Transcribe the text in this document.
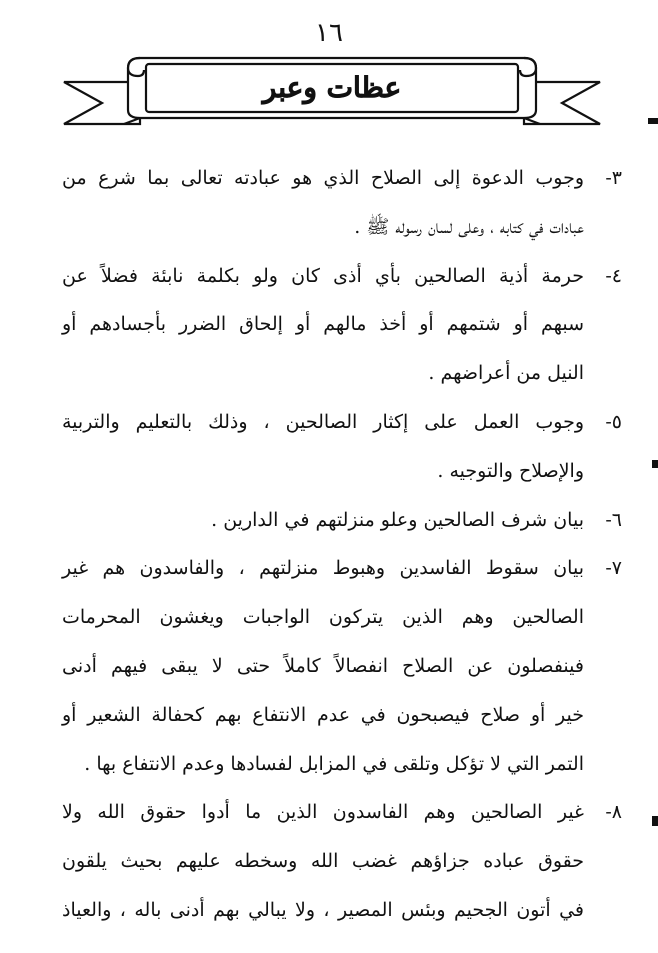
١٦
عظات وعبر
٣-وجوب الدعوة إلى الصلاح الذي هو عبادته تعالى بما شرع من
عبادات في كتابه ، وعلى لسان رسوله ﷺ .
٤-حرمة أذية الصالحين بأي أذى كان ولو بكلمة نابئة فضلاً عن
سبهم أو شتمهم أو أخذ مالهم أو إلحاق الضرر بأجسادهم أو
النيل من أعراضهم .
٥-وجوب العمل على إكثار الصالحين ، وذلك بالتعليم والتربية
والإصلاح والتوجيه .
٦-بيان شرف الصالحين وعلو منزلتهم في الدارين .
٧-بيان سقوط الفاسدين وهبوط منزلتهم ، والفاسدون هم غير
الصالحين وهم الذين يتركون الواجبات ويغشون المحرمات
فينفصلون عن الصلاح انفصالاً كاملاً حتى لا يبقى فيهم أدنى
خير أو صلاح فيصبحون في عدم الانتفاع بهم كحفالة الشعير أو
التمر التي لا تؤكل وتلقى في المزابل لفسادها وعدم الانتفاع بها .
٨-غير الصالحين وهم الفاسدون الذين ما أدوا حقوق الله ولا
حقوق عباده جزاؤهم غضب الله وسخطه عليهم بحيث يلقون
في أتون الجحيم وبئس المصير ، ولا يبالي بهم أدنى باله ، والعياذ
